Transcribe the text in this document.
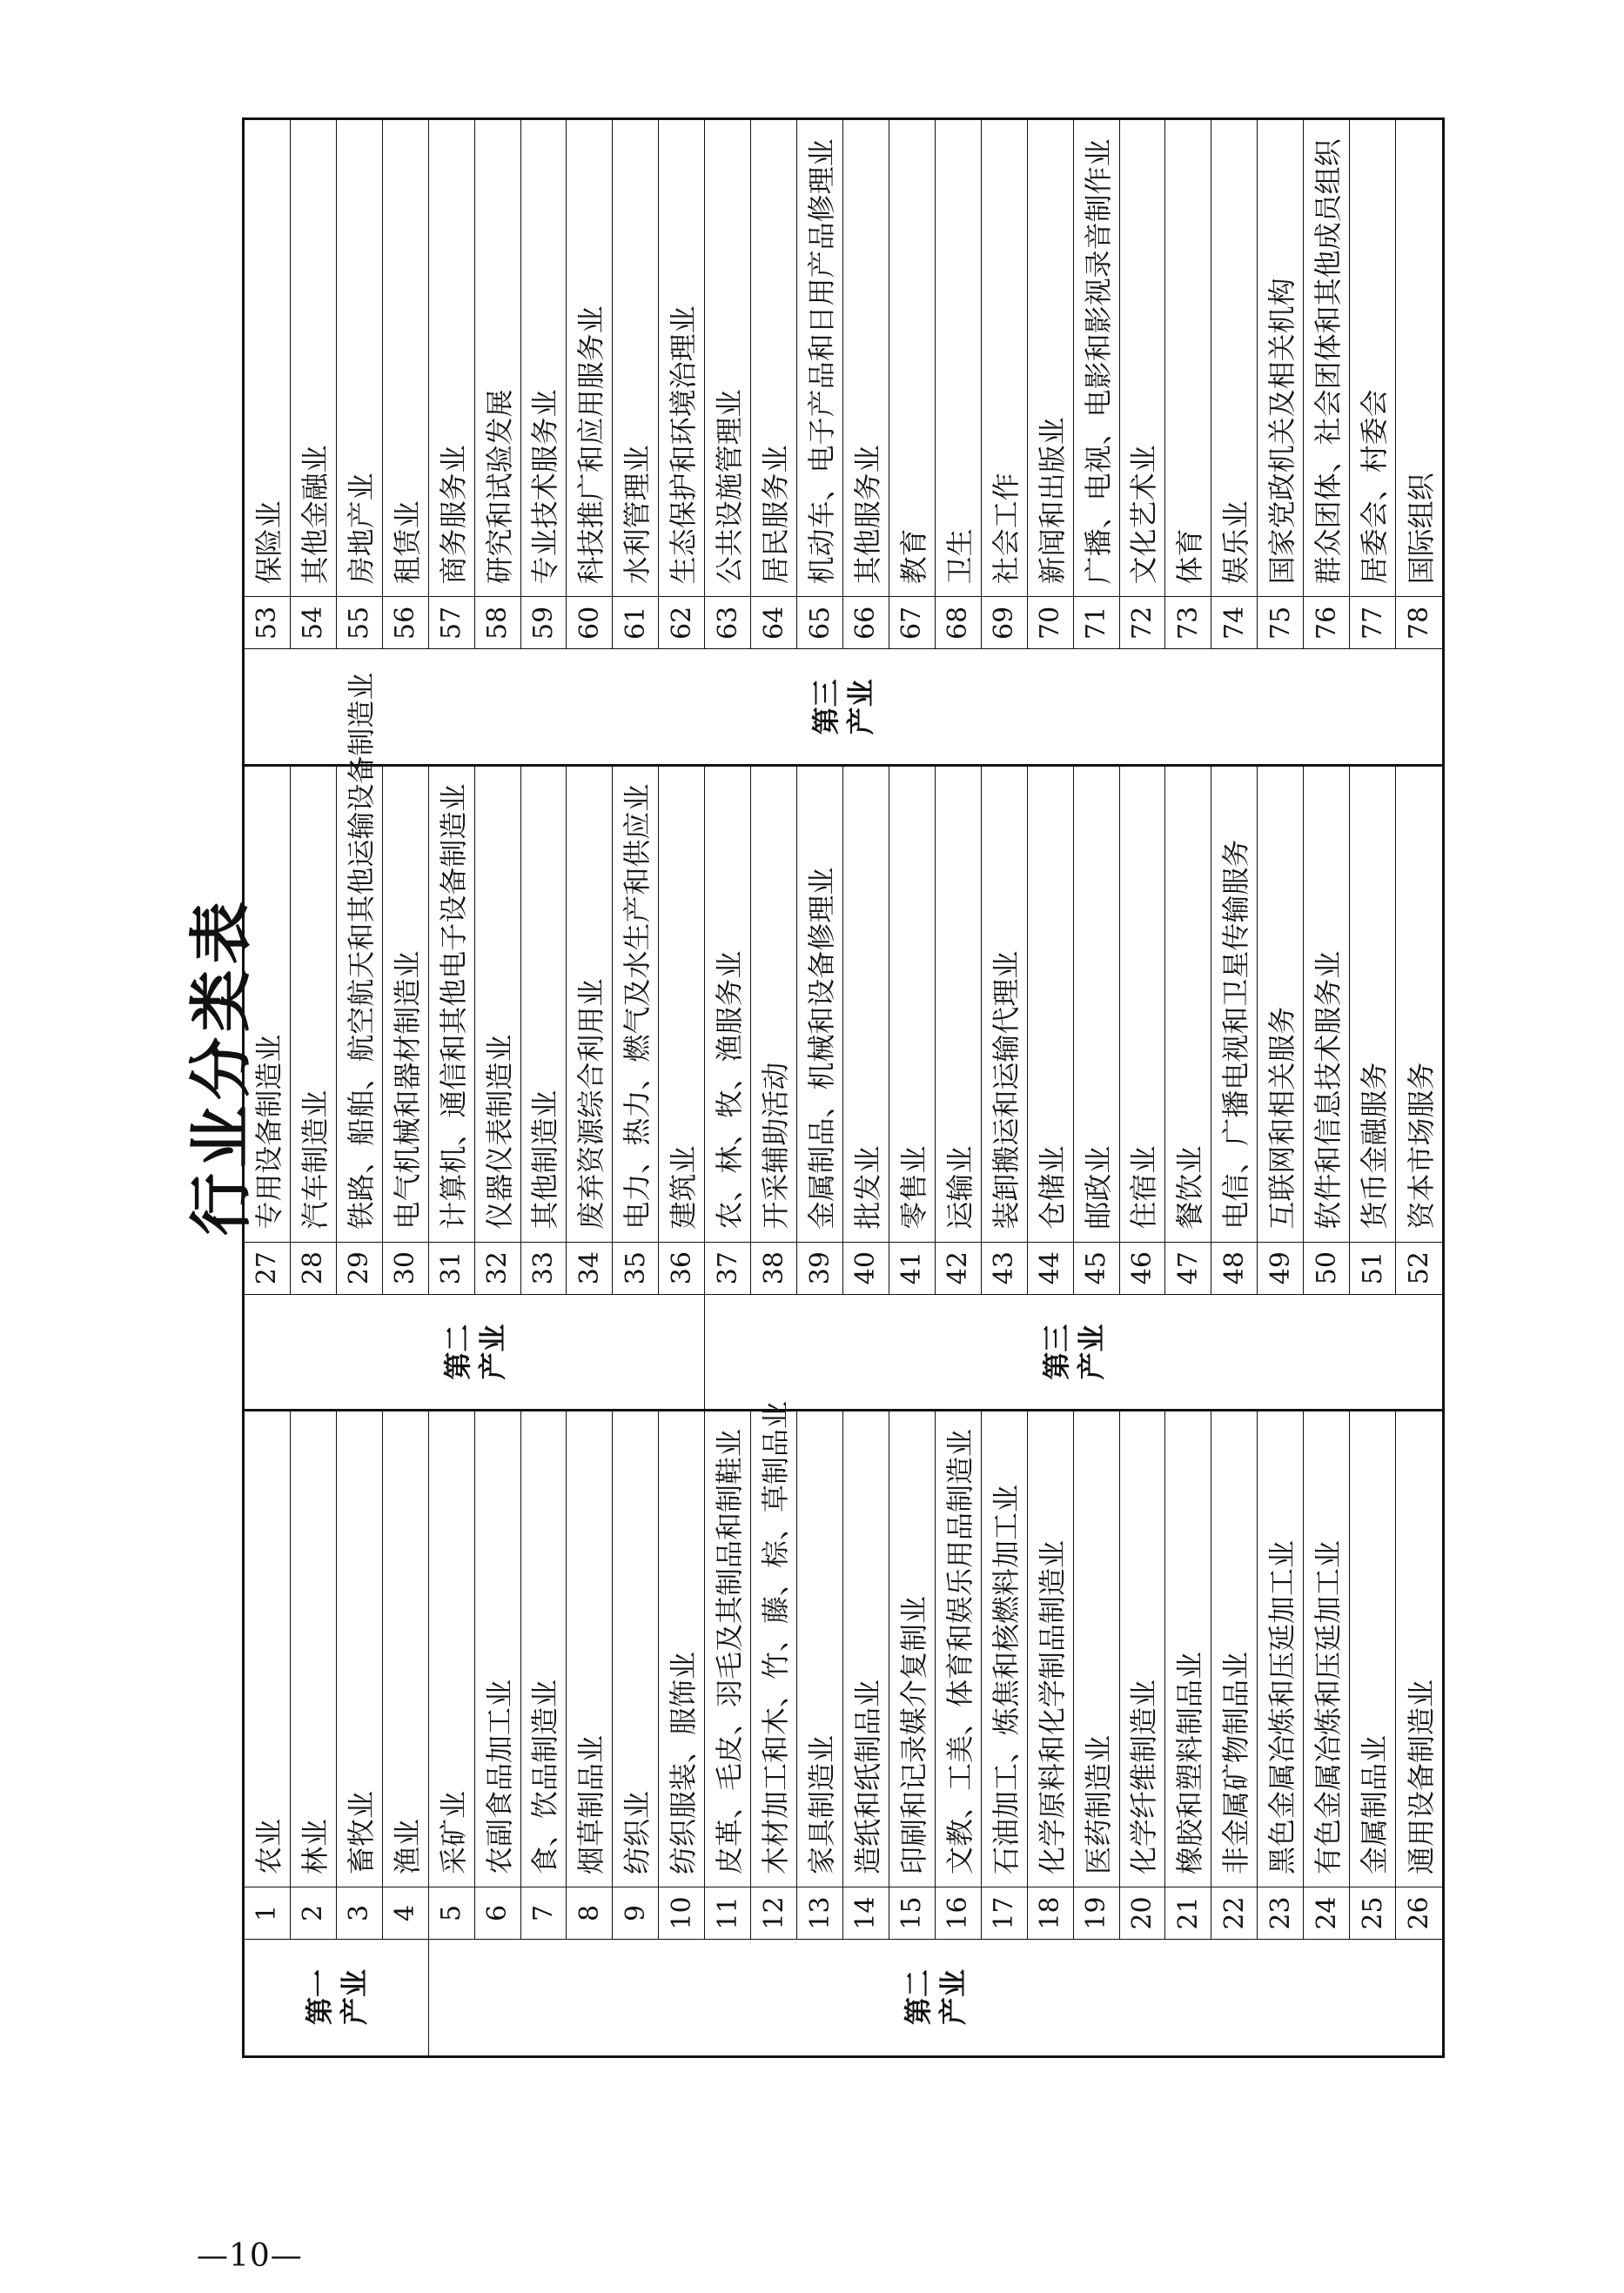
行业分类表
第一 产业	第二 产业
1
农业
2
林业
3
畜牧业
4
渔业
5
采矿业
6
农副食品加工业
7
食、饮品制造业
8
烟草制品业
9
纺织业
10
纺织服装、服饰业
11
皮革、毛皮、羽毛及其制品和制鞋业
12
木材加工和木、竹、藤、棕、草制品业
13
家具制造业
14
造纸和纸制品业
15
印刷和记录媒介复制业
16
文教、工美、体育和娱乐用品制造业
17
石油加工、炼焦和核燃料加工业
18
化学原料和化学制品制造业
19
医药制造业
20
化学纤维制造业
21
橡胶和塑料制品业
22
非金属矿物制品业
23
黑色金属冶炼和压延加工业
24
有色金属冶炼和压延加工业
25
金属制品业
26
通用设备制造业
第二 产业	第三 产业
27
专用设备制造业
28
汽车制造业
29
铁路、船舶、航空航天和其他运输设备制造业
30
电气机械和器材制造业
31
计算机、通信和其他电子设备制造业
32
仪器仪表制造业
33
其他制造业
34
废弃资源综合利用业
35
电力、热力、燃气及水生产和供应业
36
建筑业
37
农、林、牧、渔服务业
38
开采辅助活动
39
金属制品、机械和设备修理业
40
批发业
41
零售业
42
运输业
43
装卸搬运和运输代理业
44
仓储业
45
邮政业
46
住宿业
47
餐饮业
48
电信、广播电视和卫星传输服务
49
互联网和相关服务
50
软件和信息技术服务业
51
货币金融服务
52
资本市场服务
第三 产业
53
保险业
54
其他金融业
55
房地产业
56
租赁业
57
商务服务业
58
研究和试验发展
59
专业技术服务业
60
科技推广和应用服务业
61
水利管理业
62
生态保护和环境治理业
63
公共设施管理业
64
居民服务业
65
机动车、电子产品和日用产品修理业
66
其他服务业
67
教育
68
卫生
69
社会工作
70
新闻和出版业
71
广播、电视、电影和影视录音制作业
72
文化艺术业
73
体育
74
娱乐业
75
国家党政机关及相关机构
76
群众团体、社会团体和其他成员组织
77
居委会、村委会
78
国际组织
—10—
